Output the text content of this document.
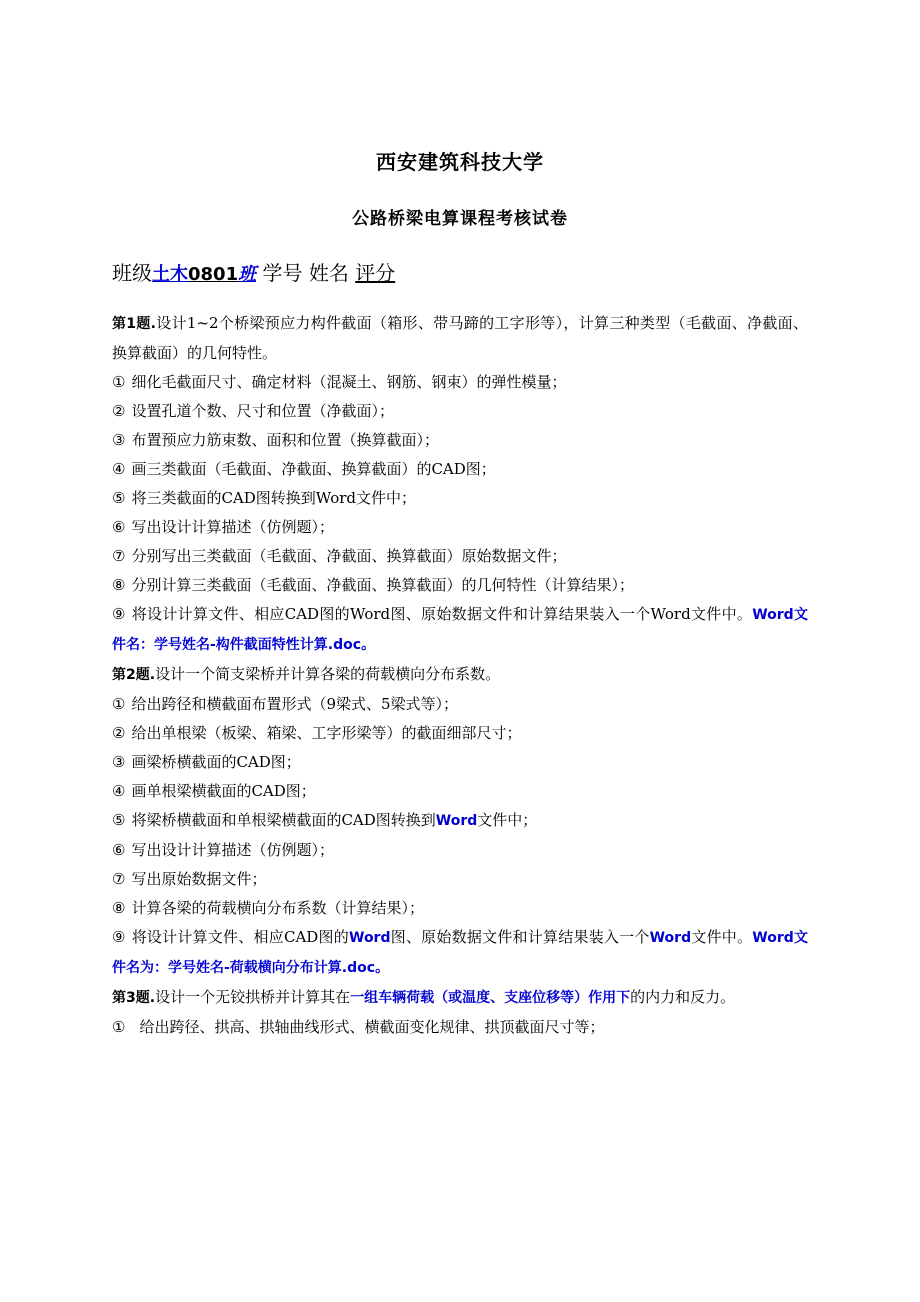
西安建筑科技大学
公路桥梁电算课程考核试卷
班级土木0801班 学号 姓名 评分

第1题.设计1~2个桥梁预应力构件截面（箱形、带马蹄的工字形等），计算三种类型（毛截面、净截面、换算截面）的几何特性。

① 细化毛截面尺寸、确定材料（混凝土、钢筋、钢束）的弹性模量；

② 设置孔道个数、尺寸和位置（净截面）；

③ 布置预应力筋束数、面积和位置（换算截面）；

④ 画三类截面（毛截面、净截面、换算截面）的CAD图；

⑤ 将三类截面的CAD图转换到Word文件中；

⑥ 写出设计计算描述（仿例题）；

⑦ 分别写出三类截面（毛截面、净截面、换算截面）原始数据文件；

⑧ 分别计算三类截面（毛截面、净截面、换算截面）的几何特性（计算结果）；

⑨ 将设计计算文件、相应CAD图的Word图、原始数据文件和计算结果装入一个Word文件中。Word文件名：学号姓名-构件截面特性计算.doc。

第2题.设计一个简支梁桥并计算各梁的荷载横向分布系数。

① 给出跨径和横截面布置形式（9梁式、5梁式等）；

② 给出单根梁（板梁、箱梁、工字形梁等）的截面细部尺寸；

③ 画梁桥横截面的CAD图；

④ 画单根梁横截面的CAD图；

⑤ 将梁桥横截面和单根梁横截面的CAD图转换到Word文件中；

⑥ 写出设计计算描述（仿例题）；

⑦ 写出原始数据文件；

⑧ 计算各梁的荷载横向分布系数（计算结果）；

⑨ 将设计计算文件、相应CAD图的Word图、原始数据文件和计算结果装入一个Word文件中。Word文件名为：学号姓名-荷载横向分布计算.doc。

第3题.设计一个无铰拱桥并计算其在一组车辆荷载（或温度、支座位移等）作用下的内力和反力。

① 给出跨径、拱高、拱轴曲线形式、横截面变化规律、拱顶截面尺寸等；
